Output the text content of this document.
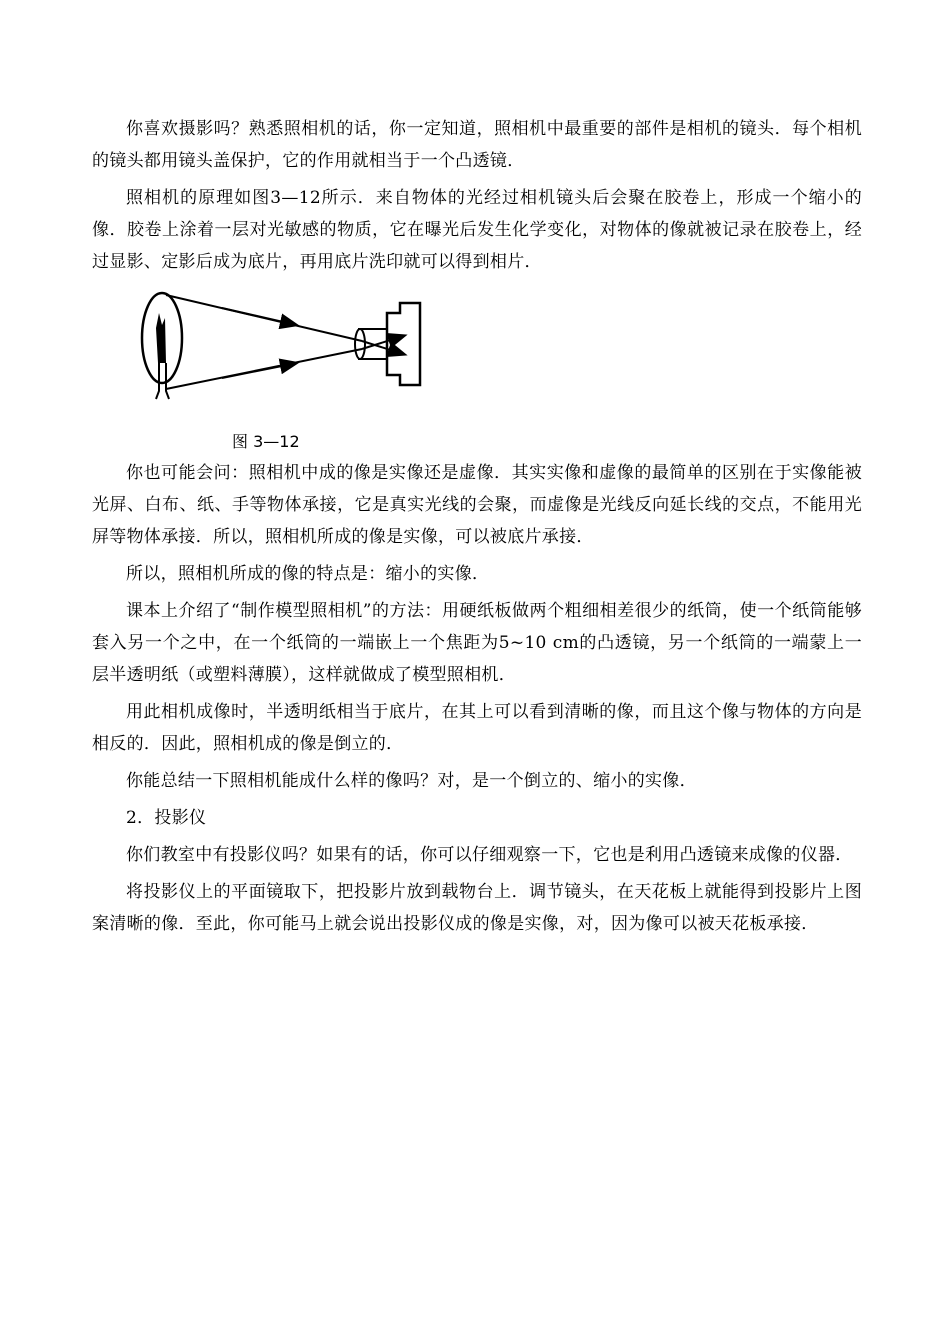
你喜欢摄影吗？熟悉照相机的话，你一定知道，照相机中最重要的部件是相机的镜头．每个相机的镜头都用镜头盖保护，它的作用就相当于一个凸透镜．

照相机的原理如图3—12所示．来自物体的光经过相机镜头后会聚在胶卷上，形成一个缩小的像．胶卷上涂着一层对光敏感的物质，它在曝光后发生化学变化，对物体的像就被记录在胶卷上，经过显影、定影后成为底片，再用底片洗印就可以得到相片．

图 3—12

你也可能会问：照相机中成的像是实像还是虚像．其实实像和虚像的最简单的区别在于实像能被光屏、白布、纸、手等物体承接，它是真实光线的会聚，而虚像是光线反向延长线的交点，不能用光屏等物体承接．所以，照相机所成的像是实像，可以被底片承接．

所以，照相机所成的像的特点是：缩小的实像．

课本上介绍了“制作模型照相机”的方法：用硬纸板做两个粗细相差很少的纸筒，使一个纸筒能够套入另一个之中，在一个纸筒的一端嵌上一个焦距为5~10 cm的凸透镜，另一个纸筒的一端蒙上一层半透明纸（或塑料薄膜），这样就做成了模型照相机．

用此相机成像时，半透明纸相当于底片，在其上可以看到清晰的像，而且这个像与物体的方向是相反的．因此，照相机成的像是倒立的．

你能总结一下照相机能成什么样的像吗？对，是一个倒立的、缩小的实像．

2．投影仪

你们教室中有投影仪吗？如果有的话，你可以仔细观察一下，它也是利用凸透镜来成像的仪器．

将投影仪上的平面镜取下，把投影片放到载物台上．调节镜头，在天花板上就能得到投影片上图案清晰的像．至此，你可能马上就会说出投影仪成的像是实像，对，因为像可以被天花板承接．
